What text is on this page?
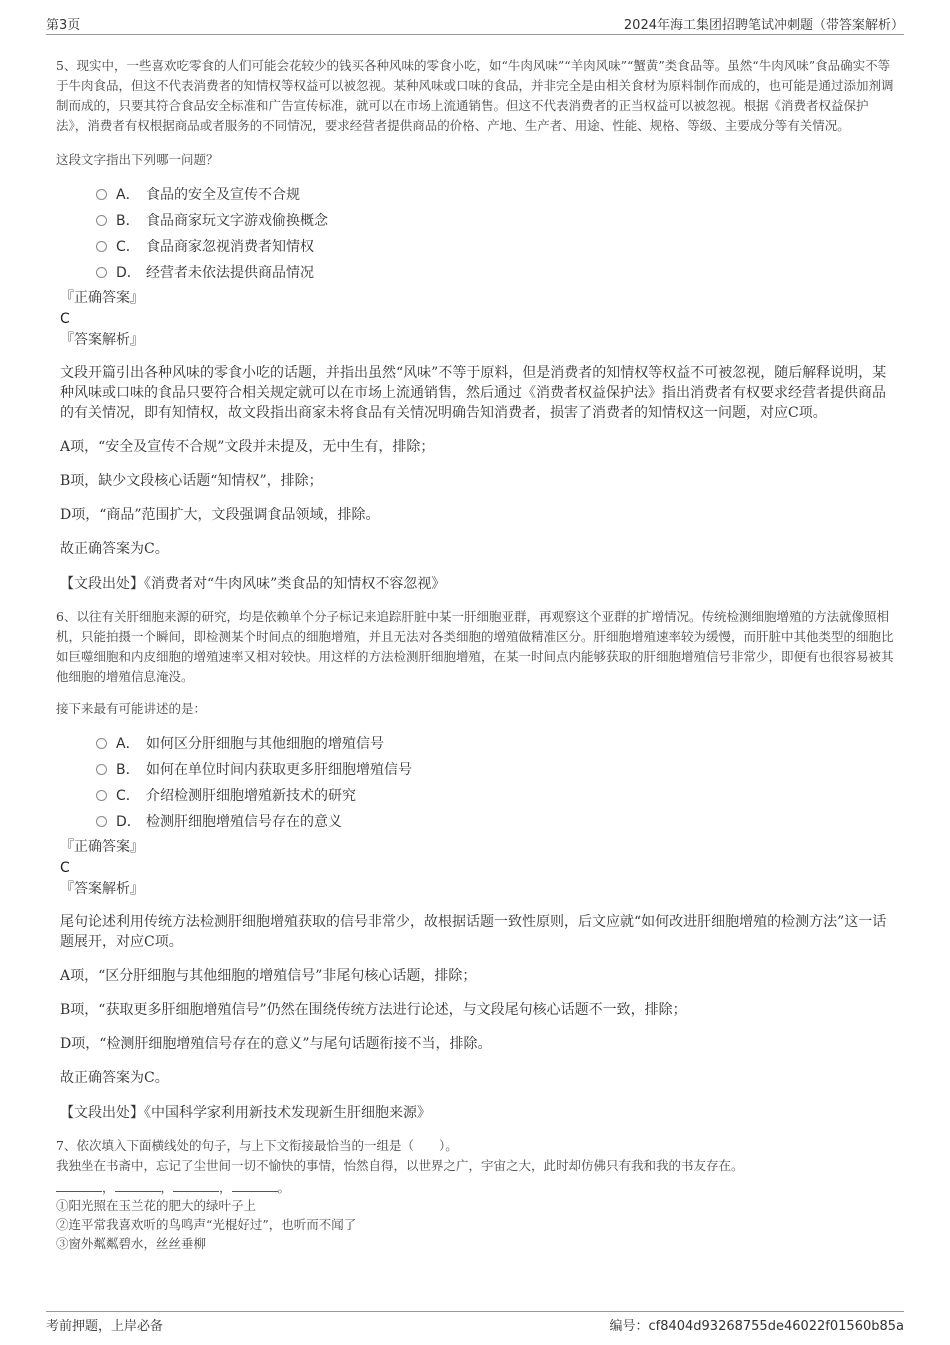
第3页	2024年海工集团招聘笔试冲刺题（带答案解析）

5、现实中，一些喜欢吃零食的人们可能会花较少的钱买各种风味的零食小吃，如“牛肉风味”“羊肉风味”“蟹黄”类食品等。虽然“牛肉风味”食品确实不等于牛肉食品，但这不代表消费者的知情权等权益可以被忽视。某种风味或口味的食品，并非完全是由相关食材为原料制作而成的，也可能是通过添加剂调制而成的，只要其符合食品安全标准和广告宣传标准，就可以在市场上流通销售。但这不代表消费者的正当权益可以被忽视。根据《消费者权益保护法》，消费者有权根据商品或者服务的不同情况，要求经营者提供商品的价格、产地、生产者、用途、性能、规格、等级、主要成分等有关情况。

这段文字指出下列哪一问题？

A． 食品的安全及宣传不合规
B． 食品商家玩文字游戏偷换概念
C． 食品商家忽视消费者知情权
D． 经营者未依法提供商品情况

『正确答案』

C

『答案解析』

文段开篇引出各种风味的零食小吃的话题，并指出虽然“风味”不等于原料，但是消费者的知情权等权益不可被忽视，随后解释说明，某种风味或口味的食品只要符合相关规定就可以在市场上流通销售，然后通过《消费者权益保护法》指出消费者有权要求经营者提供商品的有关情况，即有知情权，故文段指出商家未将食品有关情况明确告知消费者，损害了消费者的知情权这一问题，对应C项。

A项，“安全及宣传不合规”文段并未提及，无中生有，排除；

B项，缺少文段核心话题“知情权”，排除；

D项，“商品”范围扩大，文段强调食品领域，排除。

故正确答案为C。

【文段出处】《消费者对“牛肉风味”类食品的知情权不容忽视》

6、以往有关肝细胞来源的研究，均是依赖单个分子标记来追踪肝脏中某一肝细胞亚群，再观察这个亚群的扩增情况。传统检测细胞增殖的方法就像照相机，只能拍摄一个瞬间，即检测某个时间点的细胞增殖，并且无法对各类细胞的增殖做精准区分。肝细胞增殖速率较为缓慢，而肝脏中其他类型的细胞比如巨噬细胞和内皮细胞的增殖速率又相对较快。用这样的方法检测肝细胞增殖，在某一时间点内能够获取的肝细胞增殖信号非常少，即便有也很容易被其他细胞的增殖信息淹没。

接下来最有可能讲述的是：

A． 如何区分肝细胞与其他细胞的增殖信号
B． 如何在单位时间内获取更多肝细胞增殖信号
C． 介绍检测肝细胞增殖新技术的研究
D． 检测肝细胞增殖信号存在的意义

『正确答案』

C

『答案解析』

尾句论述利用传统方法检测肝细胞增殖获取的信号非常少，故根据话题一致性原则，后文应就“如何改进肝细胞增殖的检测方法”这一话题展开，对应C项。

A项，“区分肝细胞与其他细胞的增殖信号”非尾句核心话题，排除；

B项，“获取更多肝细胞增殖信号”仍然在围绕传统方法进行论述，与文段尾句核心话题不一致，排除；

D项，“检测肝细胞增殖信号存在的意义”与尾句话题衔接不当，排除。

故正确答案为C。

【文段出处】《中国科学家利用新技术发现新生肝细胞来源》

7、依次填入下面横线处的句子，与上下文衔接最恰当的一组是（　　）。

我独坐在书斋中，忘记了尘世间一切不愉快的事情，怡然自得，以世界之广，宇宙之大，此时却仿佛只有我和我的书友存在。

，	，	，	。

①阳光照在玉兰花的肥大的绿叶子上

②连平常我喜欢听的鸟鸣声“光棍好过”，也听而不闻了

③窗外粼粼碧水，丝丝垂柳

考前押题，上岸必备	编号：cf8404d93268755de46022f01560b85a
